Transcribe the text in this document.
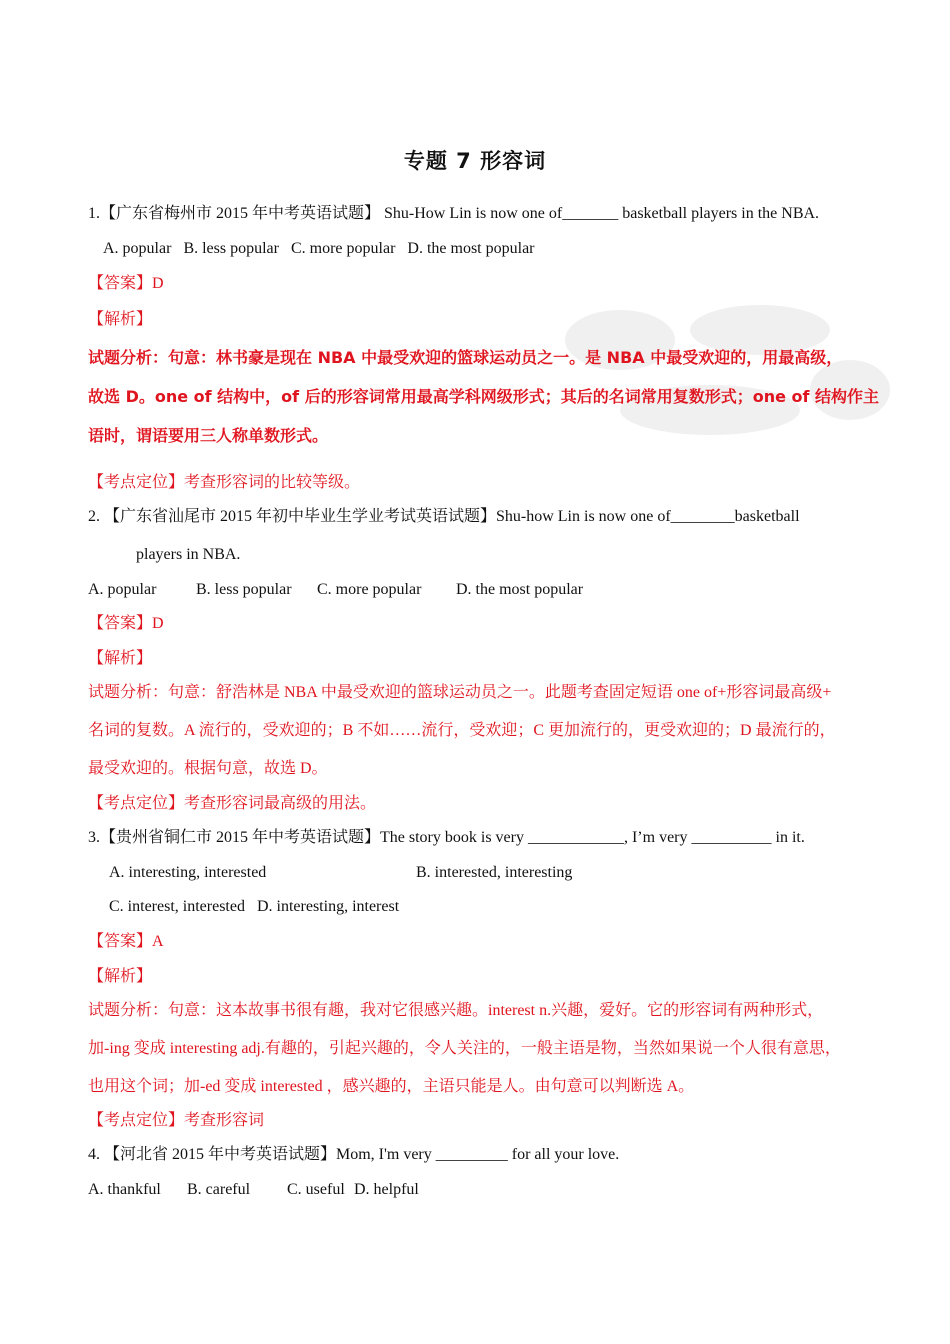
专题 7 形容词
1.【广东省梅州市 2015 年中考英语试题】 Shu-How Lin is now one of_______ basketball players in the NBA.
A. popular B. less popular C. more popular D. the most popular
【答案】D
【解析】
试题分析：句意：林书豪是现在 NBA 中最受欢迎的篮球运动员之一。是 NBA 中最受欢迎的，用最高级，
故选 D。one of 结构中，of 后的形容词常用最高学科网级形式；其后的名词常用复数形式；one of 结构作主
语时，谓语要用三人称单数形式。
【考点定位】考查形容词的比较等级。
2. 【广东省汕尾市 2015 年初中毕业生学业考试英语试题】Shu-how Lin is now one of________basketball
players in NBA.
A. popular B. less popular C. more popular D. the most popular
【答案】D
【解析】
试题分析：句意：舒浩林是 NBA 中最受欢迎的篮球运动员之一。此题考查固定短语 one of+形容词最高级+
名词的复数。A 流行的，受欢迎的；B 不如……流行，受欢迎；C 更加流行的，更受欢迎的；D 最流行的，
最受欢迎的。根据句意，故选 D。
【考点定位】考查形容词最高级的用法。
3.【贵州省铜仁市 2015 年中考英语试题】The story book is very ____________, I’m very __________ in it.
A. interesting, interested	B. interested, interesting
C. interest, interested D. interesting, interest
【答案】A
【解析】
试题分析：句意：这本故事书很有趣，我对它很感兴趣。interest n.兴趣，爱好。它的形容词有两种形式，
加-ing 变成 interesting adj.有趣的，引起兴趣的，令人关注的，一般主语是物，当然如果说一个人很有意思，
也用这个词；加-ed 变成 interested ，感兴趣的，主语只能是人。由句意可以判断选 A。
【考点定位】考查形容词
4. 【河北省 2015 年中考英语试题】Mom, I'm very _________ for all your love.
A. thankful B. careful C. useful D. helpful
